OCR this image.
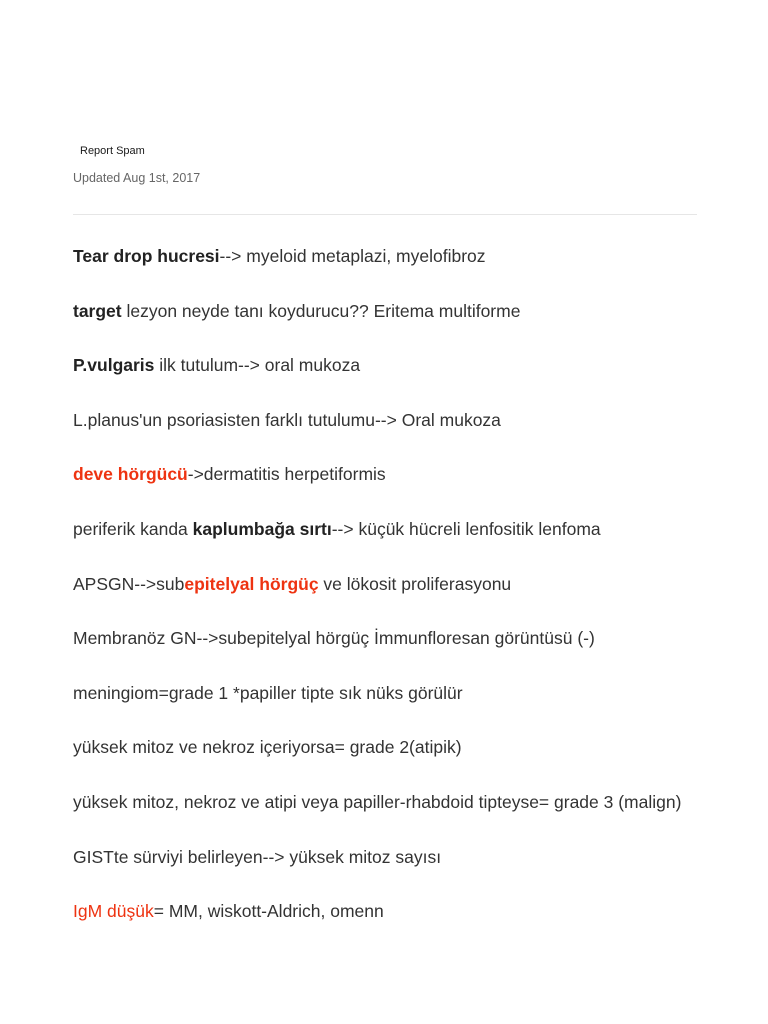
Report Spam
Updated Aug 1st, 2017

Tear drop hucresi--> myeloid metaplazi, myelofibroz

target lezyon neyde tanı koydurucu?? Eritema multiforme

P.vulgaris ilk tutulum--> oral mukoza

L.planus'un psoriasisten farklı tutulumu--> Oral mukoza

deve hörgücü->dermatitis herpetiformis

periferik kanda kaplumbağa sırtı--> küçük hücreli lenfositik lenfoma

APSGN-->subepitelyal hörgüç ve lökosit proliferasyonu

Membranöz GN-->subepitelyal hörgüç İmmunfloresan görüntüsü (-)

meningiom=grade 1 *papiller tipte sık nüks görülür

yüksek mitoz ve nekroz içeriyorsa= grade 2(atipik)

yüksek mitoz, nekroz ve atipi veya papiller-rhabdoid tipteyse= grade 3 (malign)

GISTte sürviyi belirleyen--> yüksek mitoz sayısı

IgM düşük= MM, wiskott-Aldrich, omenn
